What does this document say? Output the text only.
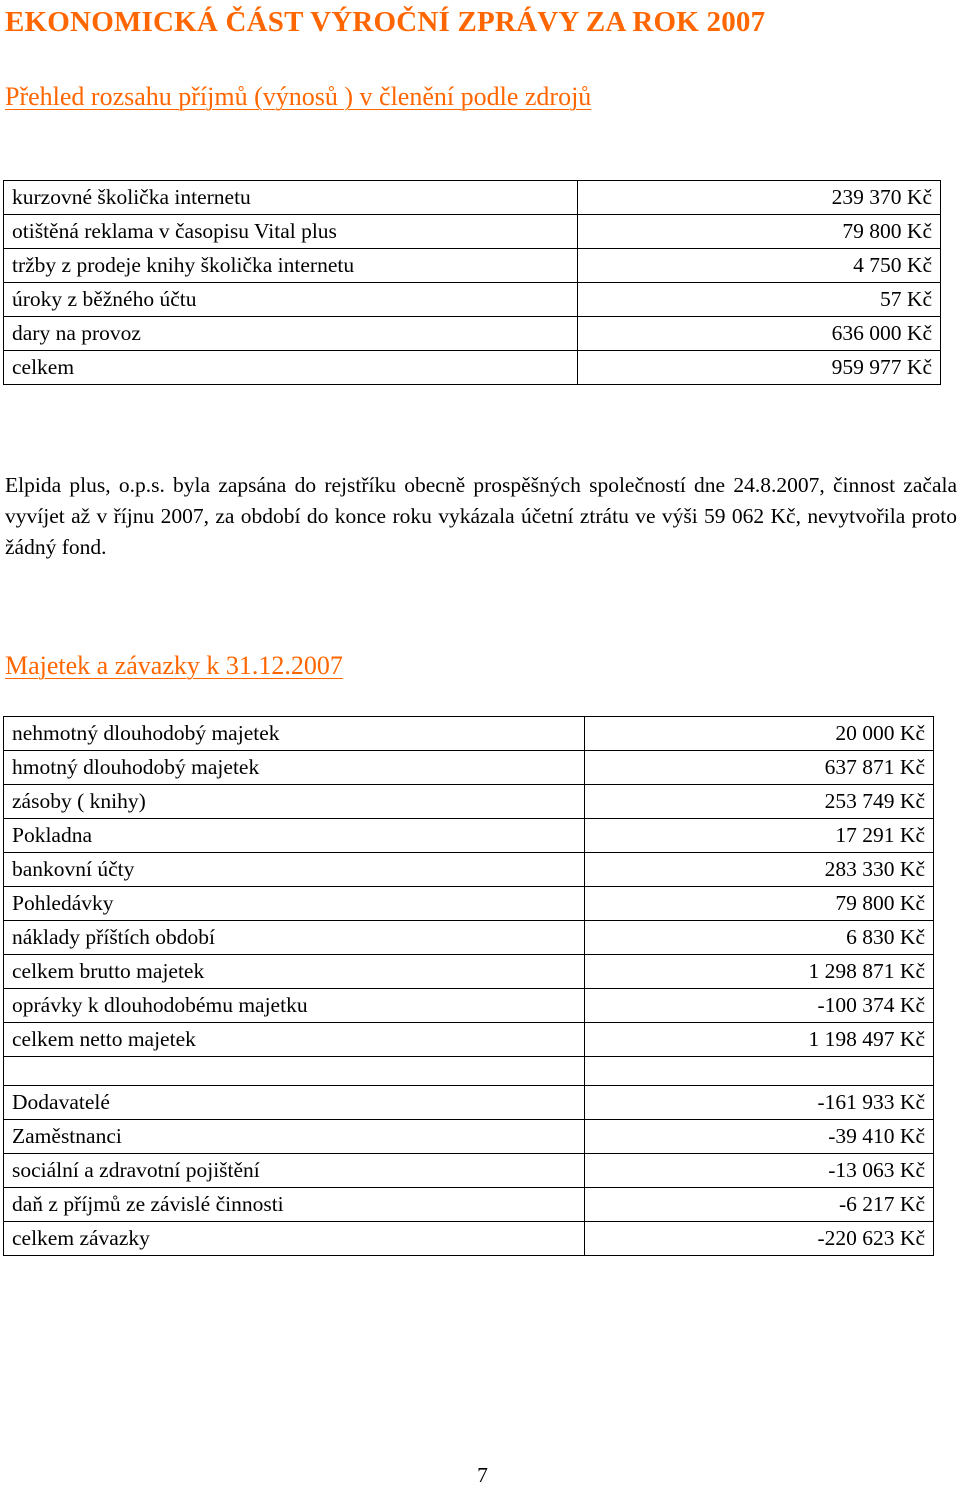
EKONOMICKÁ ČÁST VÝROČNÍ ZPRÁVY ZA ROK 2007
Přehled rozsahu příjmů (výnosů ) v členění podle zdrojů
kurzovné školička internetu	239 370 Kč
otištěná reklama v časopisu Vital plus	79 800 Kč
tržby z prodeje knihy školička internetu	4 750 Kč
úroky z běžného účtu	57 Kč
dary na provoz	636 000 Kč
celkem	959 977 Kč

Elpida plus, o.p.s. byla zapsána do rejstříku obecně prospěšných společností dne 24.8.2007, činnost začala vyvíjet až v říjnu 2007, za období do konce roku vykázala účetní ztrátu ve výši 59 062 Kč, nevytvořila proto žádný fond.

Majetek a závazky k 31.12.2007
nehmotný dlouhodobý majetek	20 000 Kč
hmotný dlouhodobý majetek	637 871 Kč
zásoby ( knihy)	253 749 Kč
Pokladna	17 291 Kč
bankovní účty	283 330 Kč
Pohledávky	79 800 Kč
náklady příštích období	6 830 Kč
celkem brutto majetek	1 298 871 Kč
oprávky k dlouhodobému majetku	-100 374 Kč
celkem netto majetek	1 198 497 Kč

Dodavatelé	-161 933 Kč
Zaměstnanci	-39 410 Kč
sociální a zdravotní pojištění	-13 063 Kč
daň z příjmů ze závislé činnosti	-6 217 Kč
celkem závazky	-220 623 Kč
7
